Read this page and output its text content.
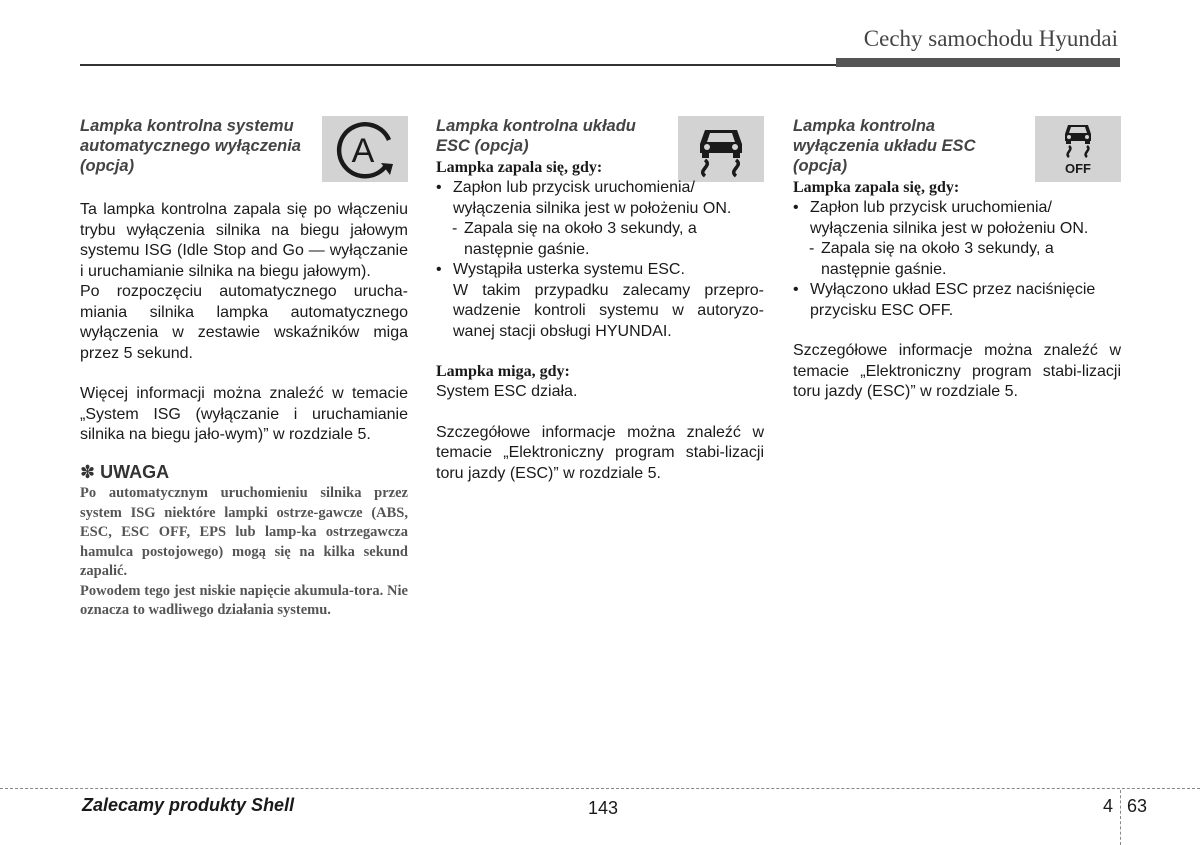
Cechy samochodu Hyundai
Lampka kontrolna systemu automatycznego wyłączenia (opcja)	A

Ta lampka kontrolna zapala się po włączeniu trybu wyłączenia silnika na biegu jałowym systemu ISG (Idle Stop and Go — wyłączanie i uruchamianie silnika na biegu jałowym).

Po rozpoczęciu automatycznego urucha-miania silnika lampka automatycznego wyłączenia w zestawie wskaźników miga przez 5 sekund.

Więcej informacji można znaleźć w temacie „System ISG (wyłączanie i uruchamianie silnika na biegu jało-wym)” w rozdziale 5.

✽ UWAGA
Po automatycznym uruchomieniu silnika przez system ISG niektóre lampki ostrze-gawcze (ABS, ESC, ESC OFF, EPS lub lamp-ka ostrzegawcza hamulca postojowego) mogą się na kilka sekund zapalić.
Powodem tego jest niskie napięcie akumula-tora. Nie oznacza to wadliwego działania systemu.
Lampka kontrolna układu ESC (opcja)
Lampka zapala się, gdy:
• Zapłon lub przycisk uruchomienia/ wyłączenia silnika jest w położeniu ON.
- Zapala się na około 3 sekundy, a następnie gaśnie.
• Wystąpiła usterka systemu ESC.

W takim przypadku zalecamy przepro-wadzenie kontroli systemu w autoryzo-wanej stacji obsługi HYUNDAI.

Lampka miga, gdy:
System ESC działa.

Szczegółowe informacje można znaleźć w temacie „Elektroniczny program stabi-lizacji toru jazdy (ESC)” w rozdziale 5.

Lampka kontrolna wyłączenia układu ESC (opcja)
Lampka zapala się, gdy:
OFF
• Zapłon lub przycisk uruchomienia/ wyłączenia silnika jest w położeniu ON.
- Zapala się na około 3 sekundy, a następnie gaśnie.
• Wyłączono układ ESC przez naciśnięcie przycisku ESC OFF.

Szczegółowe informacje można znaleźć w temacie „Elektroniczny program stabi-lizacji toru jazdy (ESC)” w rozdziale 5.

Zalecamy produkty Shell	143	4 63
